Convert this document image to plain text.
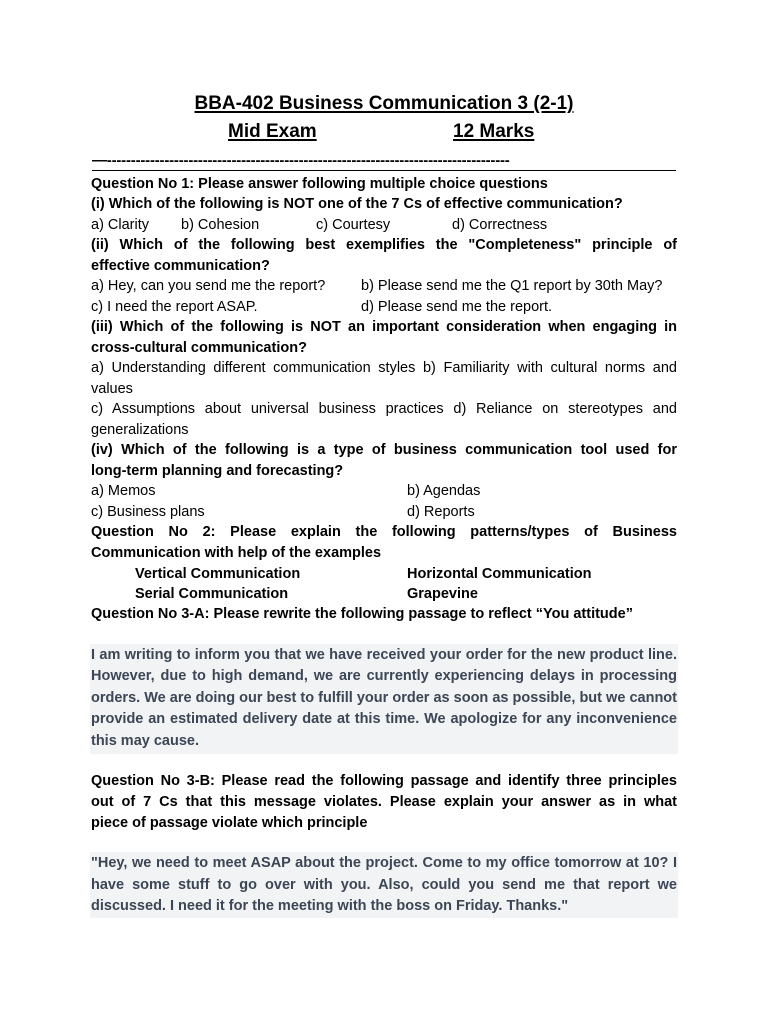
BBA-402 Business Communication 3 (2-1)
Mid Exam	12 Marks
—------------------------------------------------------------------------------------
Question No 1: Please answer following multiple choice questions
(i) Which of the following is NOT one of the 7 Cs of effective communication?
a) Clarity b) Cohesion	c) Courtesy	d) Correctness
(ii) Which of the following best exemplifies the "Completeness" principle of
effective communication?
a) Hey, can you send me the report? b) Please send me the Q1 report by 30th May?
c) I need the report ASAP.	d) Please send me the report.
(iii) Which of the following is NOT an important consideration when engaging in
cross-cultural communication?
a) Understanding different communication styles b) Familiarity with cultural norms and
values
c) Assumptions about universal business practices d) Reliance on stereotypes and
generalizations
(iv) Which of the following is a type of business communication tool used for
long-term planning and forecasting?
a) Memos	b) Agendas
c) Business plans	d) Reports
Question No 2: Please explain the following patterns/types of Business
Communication with help of the examples
Vertical Communication	Horizontal Communication
Serial Communication	Grapevine
Question No 3-A: Please rewrite the following passage to reflect “You attitude”
I am writing to inform you that we have received your order for the new product line.
However, due to high demand, we are currently experiencing delays in processing
orders. We are doing our best to fulfill your order as soon as possible, but we cannot
provide an estimated delivery date at this time. We apologize for any inconvenience
this may cause.
Question No 3-B: Please read the following passage and identify three principles
out of 7 Cs that this message violates. Please explain your answer as in what
piece of passage violate which principle
"Hey, we need to meet ASAP about the project. Come to my office tomorrow at 10? I
have some stuff to go over with you. Also, could you send me that report we
discussed. I need it for the meeting with the boss on Friday. Thanks."
